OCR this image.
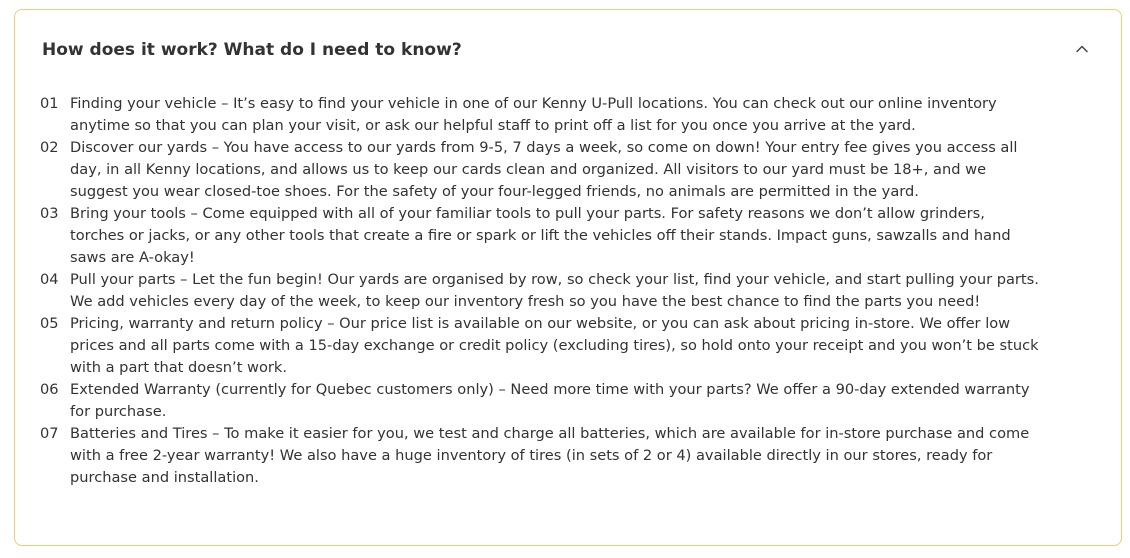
How does it work? What do I need to know?
01 Finding your vehicle – It’s easy to find your vehicle in one of our Kenny U-Pull locations. You can check out our online inventory anytime so that you can plan your visit, or ask our helpful staff to print off a list for you once you arrive at the yard.
02 Discover our yards – You have access to our yards from 9-5, 7 days a week, so come on down! Your entry fee gives you access all day, in all Kenny locations, and allows us to keep our cards clean and organized. All visitors to our yard must be 18+, and we suggest you wear closed-toe shoes. For the safety of your four-legged friends, no animals are permitted in the yard.
03 Bring your tools – Come equipped with all of your familiar tools to pull your parts. For safety reasons we don’t allow grinders, torches or jacks, or any other tools that create a fire or spark or lift the vehicles off their stands. Impact guns, sawzalls and hand saws are A-okay!
04 Pull your parts – Let the fun begin! Our yards are organised by row, so check your list, find your vehicle, and start pulling your parts. We add vehicles every day of the week, to keep our inventory fresh so you have the best chance to find the parts you need!
05 Pricing, warranty and return policy – Our price list is available on our website, or you can ask about pricing in-store. We offer low prices and all parts come with a 15-day exchange or credit policy (excluding tires), so hold onto your receipt and you won’t be stuck with a part that doesn’t work.
06 Extended Warranty (currently for Quebec customers only) – Need more time with your parts? We offer a 90-day extended warranty for purchase.
07 Batteries and Tires – To make it easier for you, we test and charge all batteries, which are available for in-store purchase and come with a free 2-year warranty! We also have a huge inventory of tires (in sets of 2 or 4) available directly in our stores, ready for purchase and installation.
